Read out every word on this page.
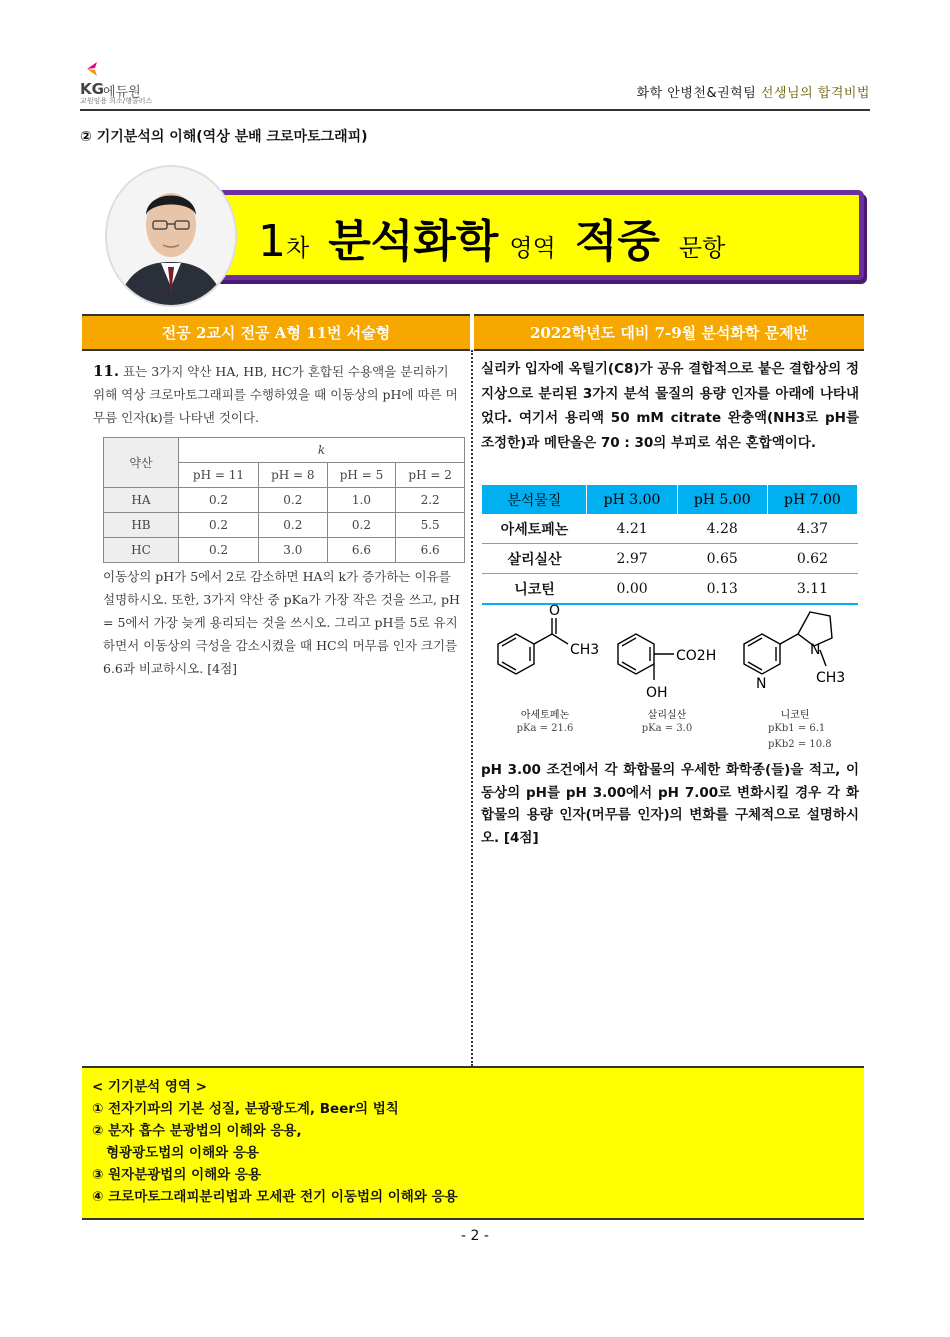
KG 에듀원
교원임용 희소/행콜러스	화학 안병천&권혁팀 선생님의 합격비법
② 기기분석의 이해(역상 분배 크로마토그래피)
1차 분석화학 영역 적중 문항
전공 2교시 전공 A형 11번 서술형	2022학년도 대비 7-9월 분석화학 문제반
11. 표는 3가지 약산 HA, HB, HC가 혼합된 수용액을 분리하기 위해 역상 크로마토그래피를 수행하였을 때 이동상의 pH에 따른 머무름 인자(k)를 나타낸 것이다.
약산	k			
	pH = 11	pH = 8	pH = 5	pH = 2
HA	0.2	0.2	1.0	2.2
HB	0.2	0.2	0.2	5.5
HC	0.2	3.0	6.6	6.6
이동상의 pH가 5에서 2로 감소하면 HA의 k가 증가하는 이유를 설명하시오. 또한, 3가지 약산 중 pKa가 가장 작은 것을 쓰고, pH = 5에서 가장 늦게 용리되는 것을 쓰시오. 그리고 pH를 5로 유지하면서 이동상의 극성을 감소시켰을 때 HC의 머무름 인자 크기를 6.6과 비교하시오. [4점]
실리카 입자에 옥틸기(C8)가 공유 결합적으로 붙은 결합상의 정지상으로 분리된 3가지 분석 물질의 용량 인자를 아래에 나타내었다. 여기서 용리액 50 mM citrate 완충액(NH3로 pH를 조정한)과 메탄올은 70 : 30의 부피로 섞은 혼합액이다.
분석물질	pH 3.00	pH 5.00	pH 7.00
아세토페논	4.21	4.28	4.37
살리실산	2.97	0.65	0.62
니코틴	0.00	0.13	3.11
O
CH3	CO2H
OH
N
N
CH3
아세토페논
pKa = 21.6
살리실산
pKa = 3.0
니코틴
pKb1 = 6.1
pKb2 = 10.8
pH 3.00 조건에서 각 화합물의 우세한 화학종(들)을 적고, 이동상의 pH를 pH 3.00에서 pH 7.00로 변화시킬 경우 각 화합물의 용량 인자(머무름 인자)의 변화를 구체적으로 설명하시오. [4점]
< 기기분석 영역 >
① 전자기파의 기본 성질, 분광광도계, Beer의 법칙
② 분자 흡수 분광법의 이해와 응용,
형광광도법의 이해와 응용
③ 원자분광법의 이해와 응용
④ 크로마토그래피분리법과 모세관 전기 이동법의 이해와 응용
- 2 -
